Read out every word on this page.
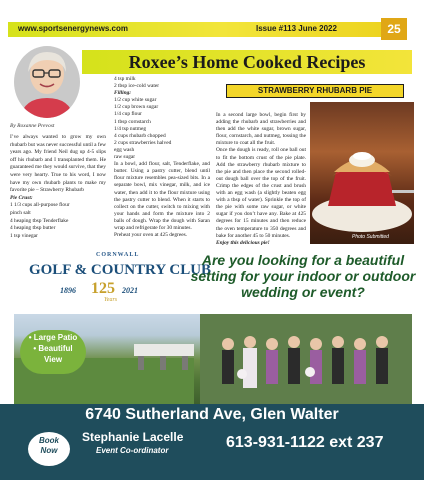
www.sportsenergynews.com	Issue #113 June 2022	25
By Roxanne Prevost
I’ve always wanted to grow my own rhubarb but was never successful until a few years ago. My friend Neil dug up 4-5 slips off his rhubarb and I transplanted them. He guaranteed me they would survive, that they were very hearty. True to his word, I now have my own rhubarb plants to make my favorite pie – Strawberry Rhubarb
Pie Crust:
1 1/3 cups all-purpose flour
pinch salt
4 heaping tbsp Tenderflake
4 heaping tbsp butter
1 tsp vinegar
Roxee’s Home Cooked Recipes
STRAWBERRY RHUBARB PIE
4 tsp milk
2 tbsp ice-cold water
Filling:
1/2 cup white sugar
1/2 cup brown sugar
1/4 cup flour
1 tbsp cornstarch
1/4 tsp nutmeg
4 cups rhubarb chopped
2 cups strawberries halved
egg wash
raw sugar
In a bowl, add flour, salt, Tenderflake, and butter. Using a pastry cutter, blend until flour mixture resembles pea-sized bits. In a separate bowl, mix vinegar, milk, and ice water, then add it to the flour mixture using the pastry cutter to blend. When it starts to collect on the cutter, switch to mixing with your hands and form the mixture into 2 balls of dough. Wrap the dough with Saran wrap and refrigerate for 30 minutes.
Preheat your oven at 425 degrees.
In a second large bowl, begin first by adding the rhubarb and strawberries and then add the white sugar, brown sugar, flour, cornstarch, and nutmeg, tossing the mixture to coat all the fruit.
Once the dough is ready, roll one ball out to fit the bottom crust of the pie plate. Add the strawberry rhubarb mixture to the pie and then place the second rolled-out dough ball over the top of the fruit. Crimp the edges of the crust and brush with an egg wash (a slightly beaten egg with a tbsp of water). Sprinkle the top of the pie with some raw sugar, or white sugar if you don’t have any. Bake at 425 degrees for 15 minutes and then reduce the oven temperature to 350 degrees and bake for another 45 to 50 minutes.
Enjoy this delicious pie!
Photo Submitted
CORNWALL
GOLF & COUNTRY CLUB
1896 125 2021
Years
Are you looking for a beautiful setting for your indoor or outdoor wedding or event?
• Large Patio
• Beautiful
View
6740 Sutherland Ave, Glen Walter
Book
Now
Stephanie Lacelle
Event Co-ordinator	613-931-1122 ext 237
